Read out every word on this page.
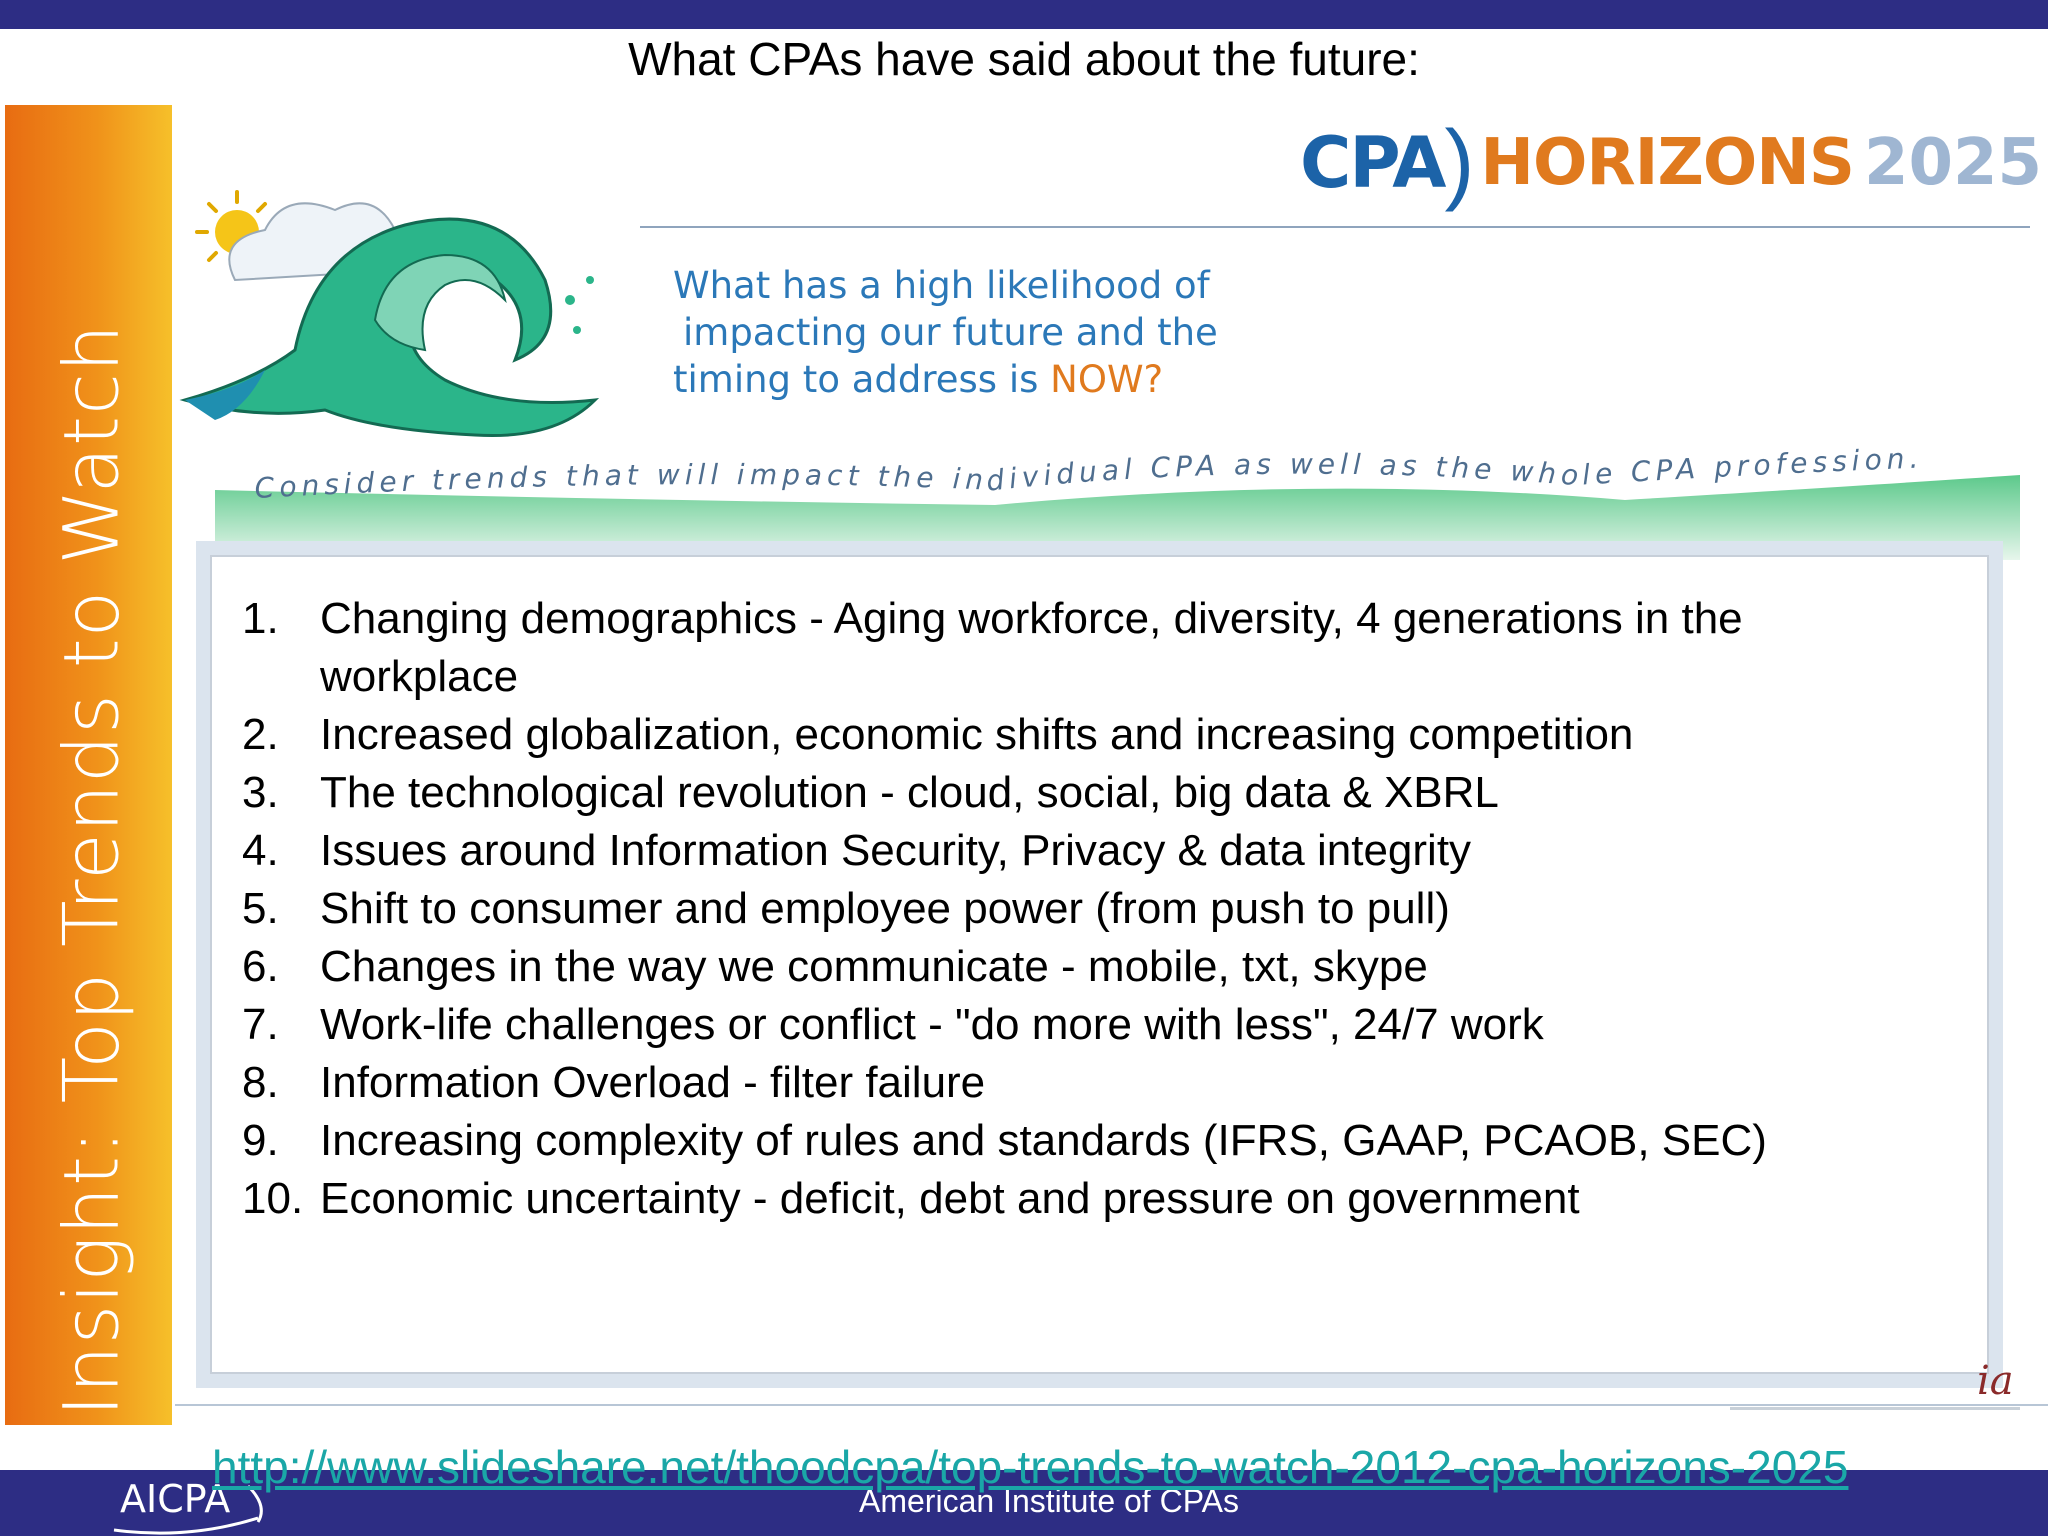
What CPAs have said about the future:
Insight: Top Trends to Watch
CPA ) HORIZONS 2025
What has a high likelihood of
impacting our future and the
timing to address is NOW?
Consider trends that will impact the individual CPA as well as the whole CPA profession.
1. Changing demographics - Aging workforce, diversity, 4 generations in the workplace
2. Increased globalization, economic shifts and increasing competition
3. The technological revolution - cloud, social, big data & XBRL
4. Issues around Information Security, Privacy & data integrity
5. Shift to consumer and employee power (from push to pull)
6. Changes in the way we communicate - mobile, txt, skype
7. Work-life challenges or conflict - "do more with less", 24/7 work
8. Information Overload - filter failure
9. Increasing complexity of rules and standards (IFRS, GAAP, PCAOB, SEC)
10. Economic uncertainty - deficit, debt and pressure on government
ia
AICPA	American Institute of CPAs
http://www.slideshare.net/thoodcpa/top-trends-to-watch-2012-cpa-horizons-2025
